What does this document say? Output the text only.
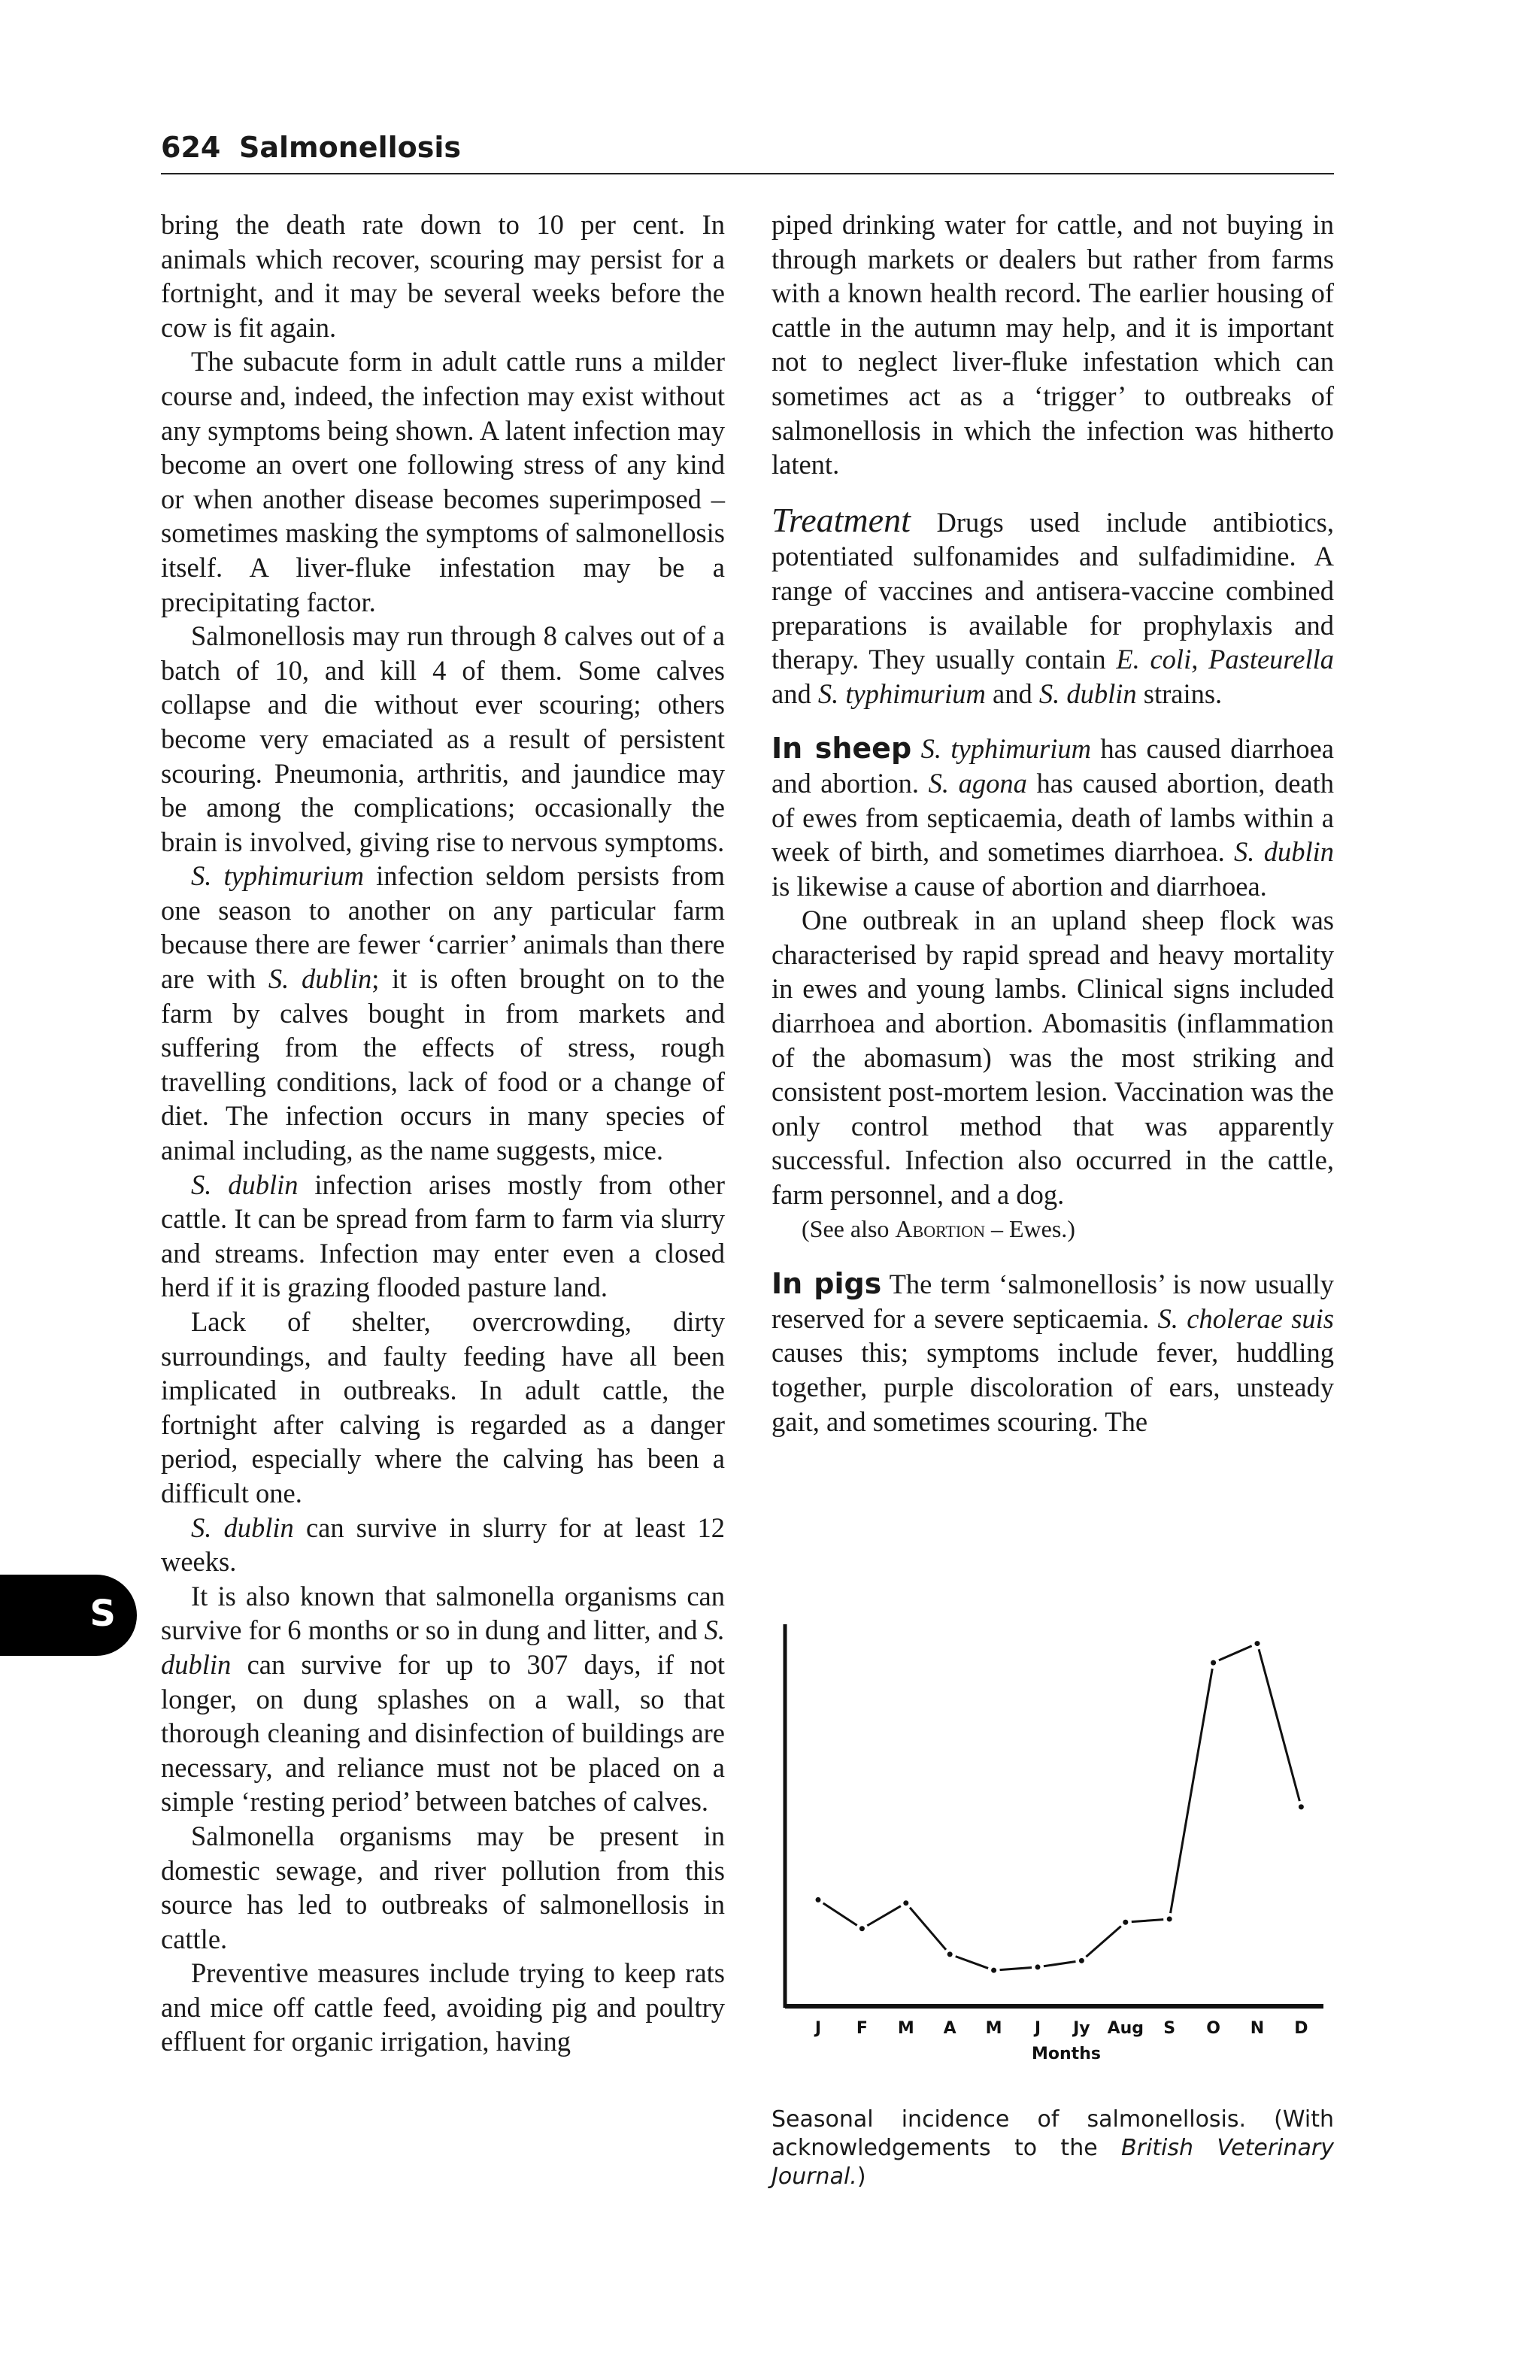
624 Salmonellosis

bring the death rate down to 10 per cent. In animals which recover, scouring may persist for a fortnight, and it may be several weeks before the cow is fit again.

The subacute form in adult cattle runs a milder course and, indeed, the infection may exist without any symptoms being shown. A latent infection may become an overt one following stress of any kind or when another disease becomes superimposed – sometimes masking the symptoms of salmonellosis itself. A liver-fluke infestation may be a precipitating factor.

Salmonellosis may run through 8 calves out of a batch of 10, and kill 4 of them. Some calves collapse and die without ever scouring; others become very emaciated as a result of persistent scouring. Pneumonia, arthritis, and jaundice may be among the complications; occasionally the brain is involved, giving rise to nervous symptoms.

S. typhimurium infection seldom persists from one season to another on any particular farm because there are fewer ‘carrier’ animals than there are with S. dublin; it is often brought on to the farm by calves bought in from markets and suffering from the effects of stress, rough travelling conditions, lack of food or a change of diet. The infection occurs in many species of animal including, as the name suggests, mice.

S. dublin infection arises mostly from other cattle. It can be spread from farm to farm via slurry and streams. Infection may enter even a closed herd if it is grazing flooded pasture land.

Lack of shelter, overcrowding, dirty surroundings, and faulty feeding have all been implicated in outbreaks. In adult cattle, the fortnight after calving is regarded as a danger period, especially where the calving has been a difficult one.

S. dublin can survive in slurry for at least 12 weeks.

It is also known that salmonella organisms can survive for 6 months or so in dung and litter, and S. dublin can survive for up to 307 days, if not longer, on dung splashes on a wall, so that thorough cleaning and disinfection of buildings are necessary, and reliance must not be placed on a simple ‘resting period’ between batches of calves.

Salmonella organisms may be present in domestic sewage, and river pollution from this source has led to outbreaks of salmonellosis in cattle.

Preventive measures include trying to keep rats and mice off cattle feed, avoiding pig and poultry effluent for organic irrigation, having

piped drinking water for cattle, and not buying in through markets or dealers but rather from farms with a known health record. The earlier housing of cattle in the autumn may help, and it is important not to neglect liver-fluke infestation which can sometimes act as a ‘trigger’ to outbreaks of salmonellosis in which the infection was hitherto latent.

Treatment Drugs used include antibiotics, potentiated sulfonamides and sulfadimidine. A range of vaccines and antisera-vaccine combined preparations is available for prophylaxis and therapy. They usually contain E. coli, Pasteurella and S. typhimurium and S. dublin strains.

In sheep S. typhimurium has caused diarrhoea and abortion. S. agona has caused abortion, death of ewes from septicaemia, death of lambs within a week of birth, and sometimes diarrhoea. S. dublin is likewise a cause of abortion and diarrhoea.

One outbreak in an upland sheep flock was characterised by rapid spread and heavy mortality in ewes and young lambs. Clinical signs included diarrhoea and abortion. Abomasitis (inflammation of the abomasum) was the most striking and consistent post-mortem lesion. Vaccination was the only control method that was apparently successful. Infection also occurred in the cattle, farm personnel, and a dog.

(See also Abortion – Ewes.)

In pigs The term ‘salmonellosis’ is now usually reserved for a severe septicaemia. S. cholerae suis causes this; symptoms include fever, huddling together, purple discoloration of ears, unsteady gait, and sometimes scouring. The

S
J F M A M J Jy Aug S O N D
Months
Seasonal incidence of salmonellosis. (With acknowledgements to the British Veterinary Journal.)
